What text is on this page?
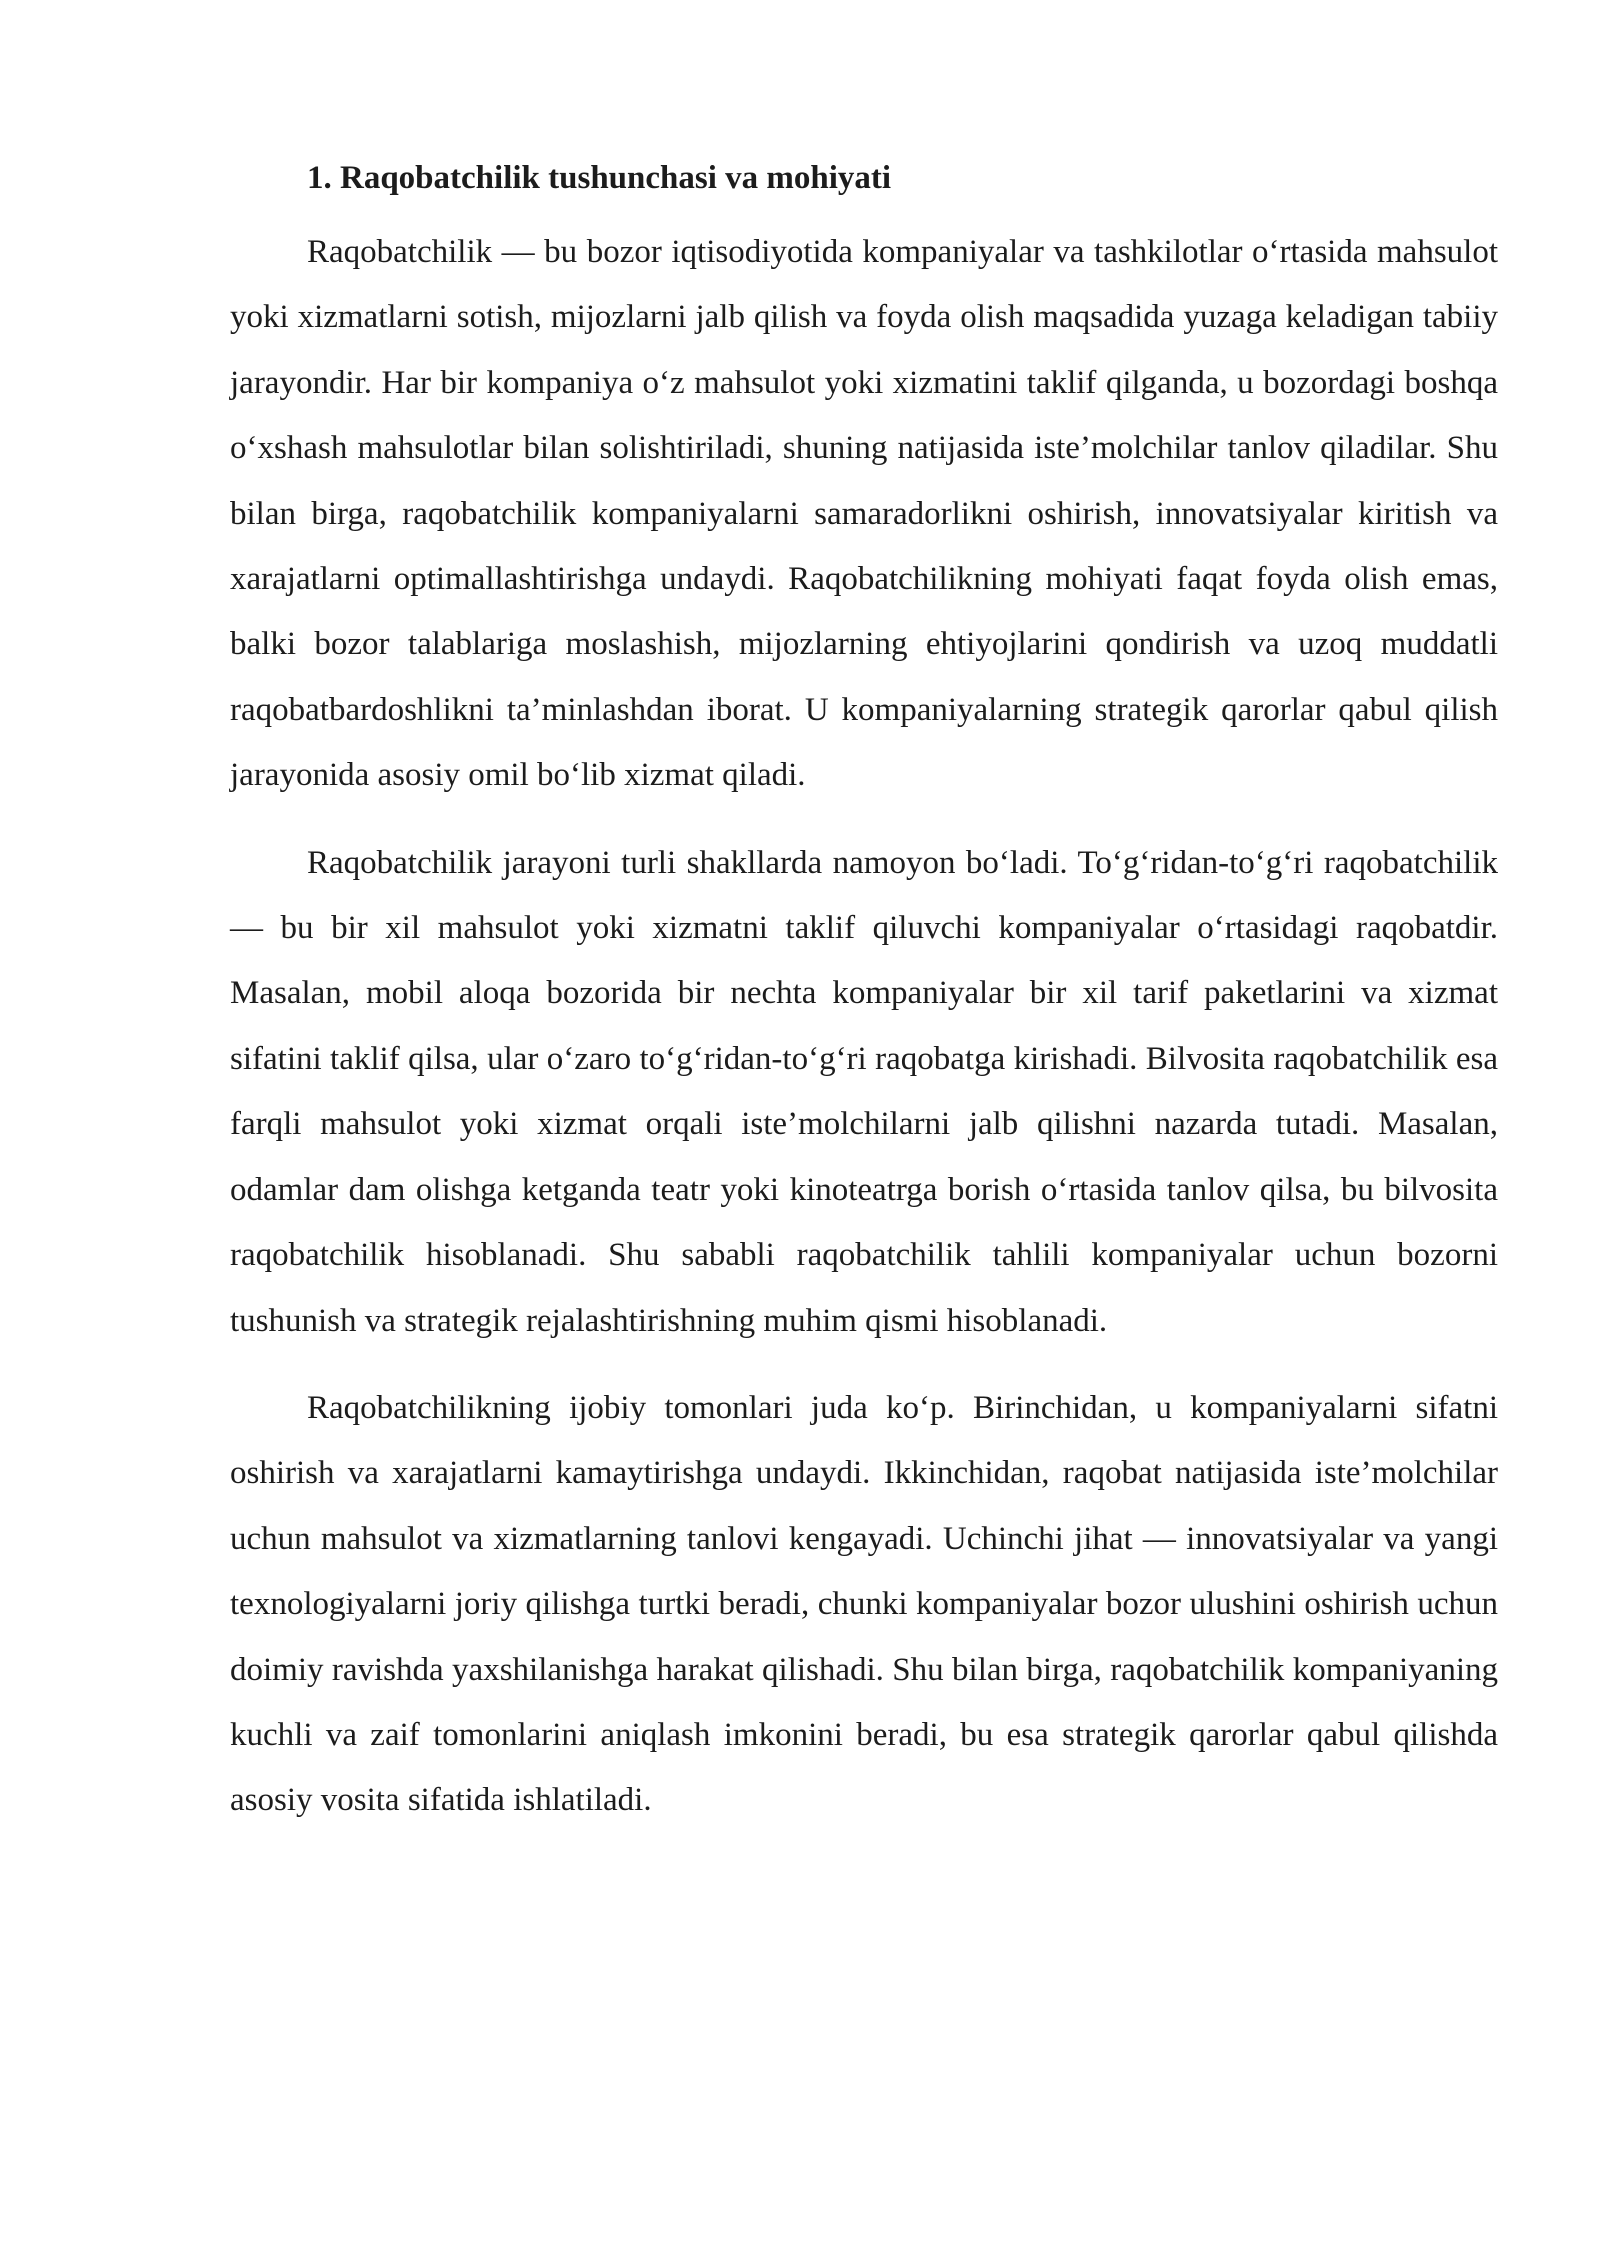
1. Raqobatchilik tushunchasi va mohiyati

Raqobatchilik — bu bozor iqtisodiyotida kompaniyalar va tashkilotlar o‘rtasida mahsulot yoki xizmatlarni sotish, mijozlarni jalb qilish va foyda olish maqsadida yuzaga keladigan tabiiy jarayondir. Har bir kompaniya o‘z mahsulot yoki xizmatini taklif qilganda, u bozordagi boshqa o‘xshash mahsulotlar bilan solishtiriladi, shuning natijasida iste’molchilar tanlov qiladilar. Shu bilan birga, raqobatchilik kompaniyalarni samaradorlikni oshirish, innovatsiyalar kiritish va xarajatlarni optimallashtirishga undaydi. Raqobatchilikning mohiyati faqat foyda olish emas, balki bozor talablariga moslashish, mijozlarning ehtiyojlarini qondirish va uzoq muddatli raqobatbardoshlikni ta’minlashdan iborat. U kompaniyalarning strategik qarorlar qabul qilish jarayonida asosiy omil bo‘lib xizmat qiladi.

Raqobatchilik jarayoni turli shakllarda namoyon bo‘ladi. To‘g‘ridan-to‘g‘ri raqobatchilik — bu bir xil mahsulot yoki xizmatni taklif qiluvchi kompaniyalar o‘rtasidagi raqobatdir. Masalan, mobil aloqa bozorida bir nechta kompaniyalar bir xil tarif paketlarini va xizmat sifatini taklif qilsa, ular o‘zaro to‘g‘ridan-to‘g‘ri raqobatga kirishadi. Bilvosita raqobatchilik esa farqli mahsulot yoki xizmat orqali iste’molchilarni jalb qilishni nazarda tutadi. Masalan, odamlar dam olishga ketganda teatr yoki kinoteatrga borish o‘rtasida tanlov qilsa, bu bilvosita raqobatchilik hisoblanadi. Shu sababli raqobatchilik tahlili kompaniyalar uchun bozorni tushunish va strategik rejalashtirishning muhim qismi hisoblanadi.

Raqobatchilikning ijobiy tomonlari juda ko‘p. Birinchidan, u kompaniyalarni sifatni oshirish va xarajatlarni kamaytirishga undaydi. Ikkinchidan, raqobat natijasida iste’molchilar uchun mahsulot va xizmatlarning tanlovi kengayadi. Uchinchi jihat — innovatsiyalar va yangi texnologiyalarni joriy qilishga turtki beradi, chunki kompaniyalar bozor ulushini oshirish uchun doimiy ravishda yaxshilanishga harakat qilishadi. Shu bilan birga, raqobatchilik kompaniyaning kuchli va zaif tomonlarini aniqlash imkonini beradi, bu esa strategik qarorlar qabul qilishda asosiy vosita sifatida ishlatiladi.
